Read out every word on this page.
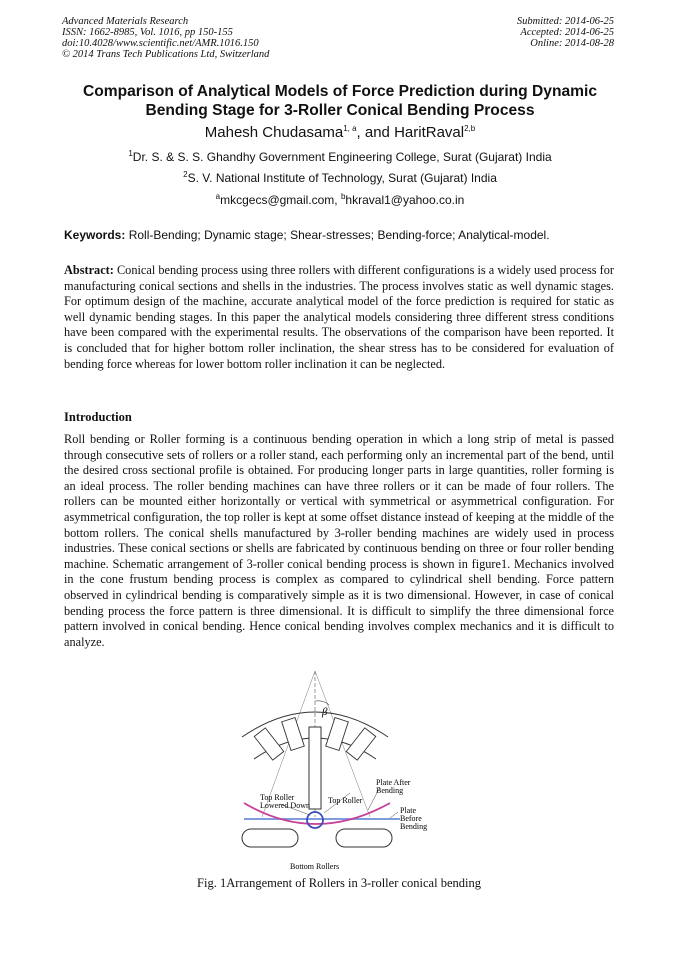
Advanced Materials Research
ISSN: 1662-8985, Vol. 1016, pp 150-155
doi:10.4028/www.scientific.net/AMR.1016.150
© 2014 Trans Tech Publications Ltd, Switzerland
Submitted: 2014-06-25
Accepted: 2014-06-25
Online: 2014-08-28
Comparison of Analytical Models of Force Prediction during Dynamic
Bending Stage for 3-Roller Conical Bending Process
Mahesh Chudasama$^{1, a}$, and HaritRaval$^{2,b}$
$^1$Dr. S. & S. S. Ghandhy Government Engineering College, Surat (Gujarat) India
$^2$S. V. National Institute of Technology, Surat (Gujarat) India
$^a$mkcgecs@gmail.com, $^b$hkraval1@yahoo.co.in
Keywords: Roll-Bending; Dynamic stage; Shear-stresses; Bending-force; Analytical-model.
Abstract: Conical bending process using three rollers with different configurations is a widely used process for manufacturing conical sections and shells in the industries. The process involves static as well dynamic stages. For optimum design of the machine, accurate analytical model of the force prediction is required for static as well dynamic bending stages. In this paper the analytical models considering three different stress conditions have been compared with the experimental results. The observations of the comparison have been reported. It is concluded that for higher bottom roller inclination, the shear stress has to be considered for evaluation of bending force whereas for lower bottom roller inclination it can be neglected.
Introduction
Roll bending or Roller forming is a continuous bending operation in which a long strip of metal is passed through consecutive sets of rollers or a roller stand, each performing only an incremental part of the bend, until the desired cross sectional profile is obtained. For producing longer parts in large quantities, roller forming is an ideal process. The roller bending machines can have three rollers or it can be made of four rollers. The rollers can be mounted either horizontally or vertical with symmetrical or asymmetrical configuration. For asymmetrical configuration, the top roller is kept at some offset distance instead of keeping at the middle of the bottom rollers. The conical shells manufactured by 3-roller bending machines are widely used in process industries. These conical sections or shells are fabricated by continuous bending on three or four roller bending machine. Schematic arrangement of 3-roller conical bending process is shown in figure1. Mechanics involved in the cone frustum bending process is complex as compared to cylindrical shell bending. Force pattern observed in cylindrical bending is comparatively simple as it is two dimensional. However, in case of conical bending process the force pattern is three dimensional. It is difficult to simplify the three dimensional force pattern involved in conical bending. Hence conical bending involves complex mechanics and it is difficult to analyze.
β
Top Roller
Lowered Down
Top Roller
Plate After
Bending
Plate
Before
Bending
Bottom Rollers
Fig. 1Arrangement of Rollers in 3-roller conical bending
